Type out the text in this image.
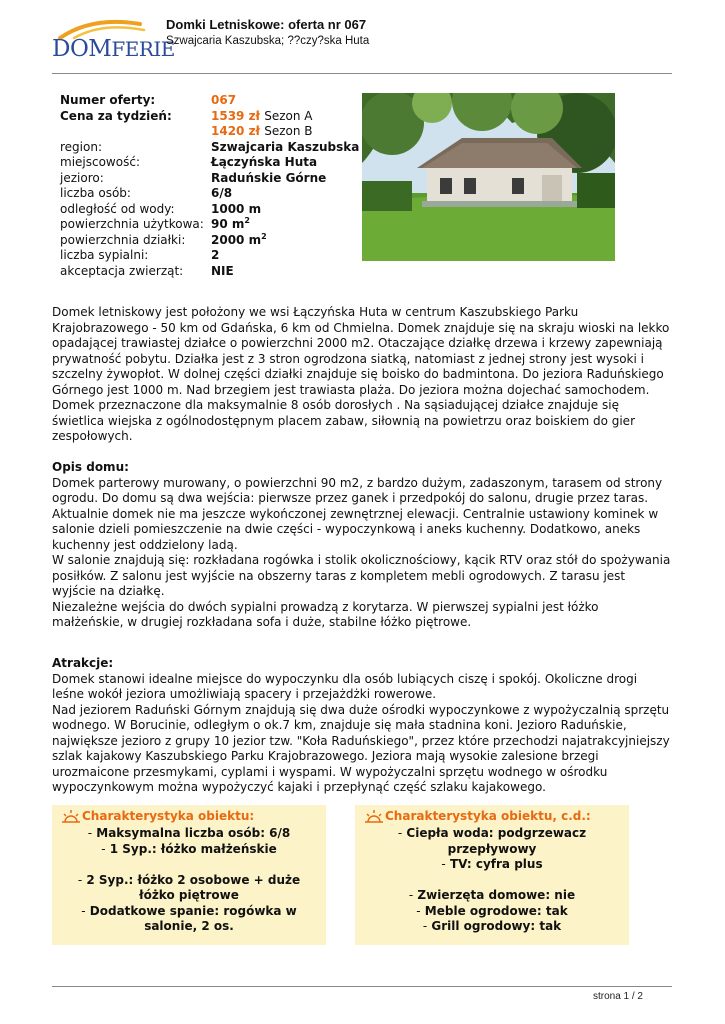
DOMFERIE
Domki Letniskowe: oferta nr 067
Szwajcaria Kaszubska; ??czy?ska Huta
Numer oferty:	067
Cena za tydzień:	1539 zł Sezon A
1420 zł Sezon B
region:	Szwajcaria Kaszubska
miejscowość:	Łączyńska Huta
jezioro:	Raduńskie Górne
liczba osób:	6/8
odległość od wody:	1000 m
powierzchnia użytkowa: 90 $m^2$
powierzchnia działki: 2000 $m^2$
liczba sypialni:	2
akceptacja zwierząt: NIE

Domek letniskowy jest położony we wsi Łączyńska Huta w centrum Kaszubskiego Parku Krajobrazowego - 50 km od Gdańska, 6 km od Chmielna. Domek znajduje się na skraju wioski na lekko opadającej trawiastej działce o powierzchni 2000 m2. Otaczające działkę drzewa i krzewy zapewniają prywatność pobytu. Działka jest z 3 stron ogrodzona siatką, natomiast z jednej strony jest wysoki i szczelny żywopłot. W dolnej części działki znajduje się boisko do badmintona. Do jeziora Raduńskiego Górnego jest 1000 m. Nad brzegiem jest trawiasta plaża. Do jeziora można dojechać samochodem. Domek przeznaczone dla maksymalnie 8 osób dorosłych . Na sąsiadującej działce znajduje się świetlica wiejska z ogólnodostępnym placem zabaw, siłownią na powietrzu oraz boiskiem do gier zespołowych.

Opis domu:

Domek parterowy murowany, o powierzchni 90 m2, z bardzo dużym, zadaszonym, tarasem od strony ogrodu. Do domu są dwa wejścia: pierwsze przez ganek i przedpokój do salonu, drugie przez taras. Aktualnie domek nie ma jeszcze wykończonej zewnętrznej elewacji. Centralnie ustawiony kominek w salonie dzieli pomieszczenie na dwie części - wypoczynkową i aneks kuchenny. Dodatkowo, aneks kuchenny jest oddzielony ladą.

W salonie znajdują się: rozkładana rogówka i stolik okolicznościowy, kącik RTV oraz stół do spożywania posiłków. Z salonu jest wyjście na obszerny taras z kompletem mebli ogrodowych. Z tarasu jest wyjście na działkę.

Niezależne wejścia do dwóch sypialni prowadzą z korytarza. W pierwszej sypialni jest łóżko małżeńskie, w drugiej rozkładana sofa i duże, stabilne łóżko piętrowe.

Atrakcje:

Domek stanowi idealne miejsce do wypoczynku dla osób lubiących ciszę i spokój. Okoliczne drogi leśne wokół jeziora umożliwiają spacery i przejażdżki rowerowe.

Nad jeziorem Raduński Górnym znajdują się dwa duże ośrodki wypoczynkowe z wypożyczalnią sprzętu wodnego. W Borucinie, odległym o ok.7 km, znajduje się mała stadnina koni. Jezioro Raduńskie, największe jezioro z grupy 10 jezior tzw. "Koła Raduńskiego", przez które przechodzi najatrakcyjniejszy szlak kajakowy Kaszubskiego Parku Krajobrazowego. Jeziora mają wysokie zalesione brzegi urozmaicone przesmykami, cyplami i wyspami. W wypożyczalni sprzętu wodnego w ośrodku wypoczynkowym można wypożyczyć kajaki i przepłynąć część szlaku kajakowego.

Charakterystyka obiektu:
- Maksymalna liczba osób: 6/8
- 1 Syp.: łóżko małżeńskie
- 2 Syp.: łóżko 2 osobowe + duże łóżko piętrowe
- Dodatkowe spanie: rogówka w salonie, 2 os.
Charakterystyka obiektu, c.d.:
- Ciepła woda: podgrzewacz przepływowy
- TV: cyfra plus
- Zwierzęta domowe: nie
- Meble ogrodowe: tak
- Grill ogrodowy: tak
strona 1 / 2
